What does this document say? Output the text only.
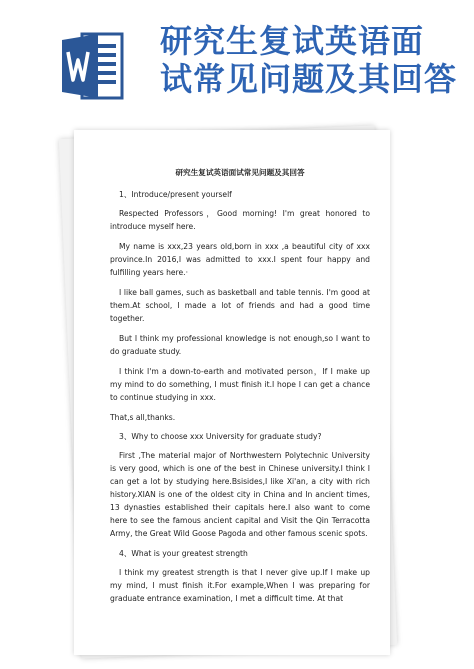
研究生复试英语面
试常见问题及其回答
研究生复试英语面试常见问题及其回答
1、Introduce/present yourself
Respected Professors，Good morning! I'm great honored to introduce myself here.
My name is xxx,23 years old,born in xxx ,a beautiful city of xxx province.In 2016,I was admitted to xxx.I spent four happy and fulfilling years here.·
I like ball games, such as basketball and table tennis. I'm good at them.At school, I made a lot of friends and had a good time together.
But I think my professional knowledge is not enough,so I want to do graduate study.
I think I'm a down-to-earth and motivated person，If I make up my mind to do something, I must finish it.I hope I can get a chance to continue studying in xxx.
That,s all,thanks.
3、Why to choose xxx University for graduate study?
First ,The material major of Northwestern Polytechnic University is very good, which is one of the best in Chinese university.I think I can get a lot by studying here.Bsisides,I like Xi'an, a city with rich history.XIAN is one of the oldest city in China and In ancient times, 13 dynasties established their capitals here.I also want to come here to see the famous ancient capital and Visit the Qin Terracotta Army, the Great Wild Goose Pagoda and other famous scenic spots.
4、What is your greatest strength
I think my greatest strength is that I never give up.If I make up my mind, I must finish it.For example,When I was preparing for graduate entrance examination, I met a difficult time. At that
